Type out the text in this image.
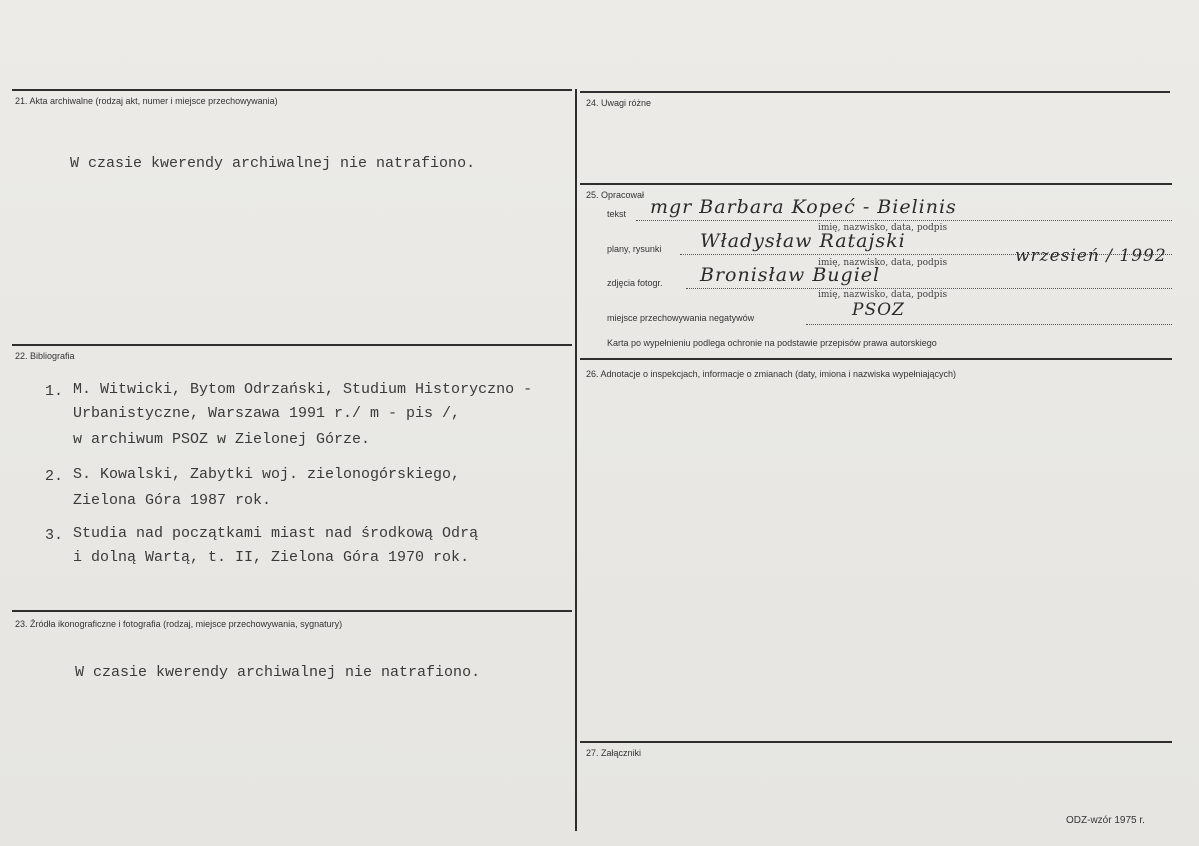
21. Akta archiwalne (rodzaj akt, numer i miejsce przechowywania)
W czasie kwerendy archiwalnej nie natrafiono.
22. Bibliografia
1. M. Witwicki, Bytom Odrzański, Studium Historyczno -
Urbanistyczne, Warszawa 1991 r./ m - pis /,
w archiwum PSOZ w Zielonej Górze.
2. S. Kowalski, Zabytki woj. zielonogórskiego,
Zielona Góra 1987 rok.
3. Studia nad początkami miast nad środkową Odrą
i dolną Wartą, t. II, Zielona Góra 1970 rok.
23. Źródła ikonograficzne i fotografia (rodzaj, miejsce przechowywania, sygnatury)
W czasie kwerendy archiwalnej nie natrafiono.
24. Uwagi różne
25. Opracował
tekst mgr Barbara Kopeć - Bielinis
imię, nazwisko, data, podpis
plany, rysunki Władysław Ratajski
wrzesień / 1992
imię, nazwisko, data, podpis
zdjęcia fotogr. Bronisław Bugiel
imię, nazwisko, data, podpis
miejsce przechowywania negatywów	PSOZ
Karta po wypełnieniu podlega ochronie na podstawie przepisów prawa autorskiego
26. Adnotacje o inspekcjach, informacje o zmianach (daty, imiona i nazwiska wypełniających)
27. Załączniki
ODZ-wzór 1975 r.
